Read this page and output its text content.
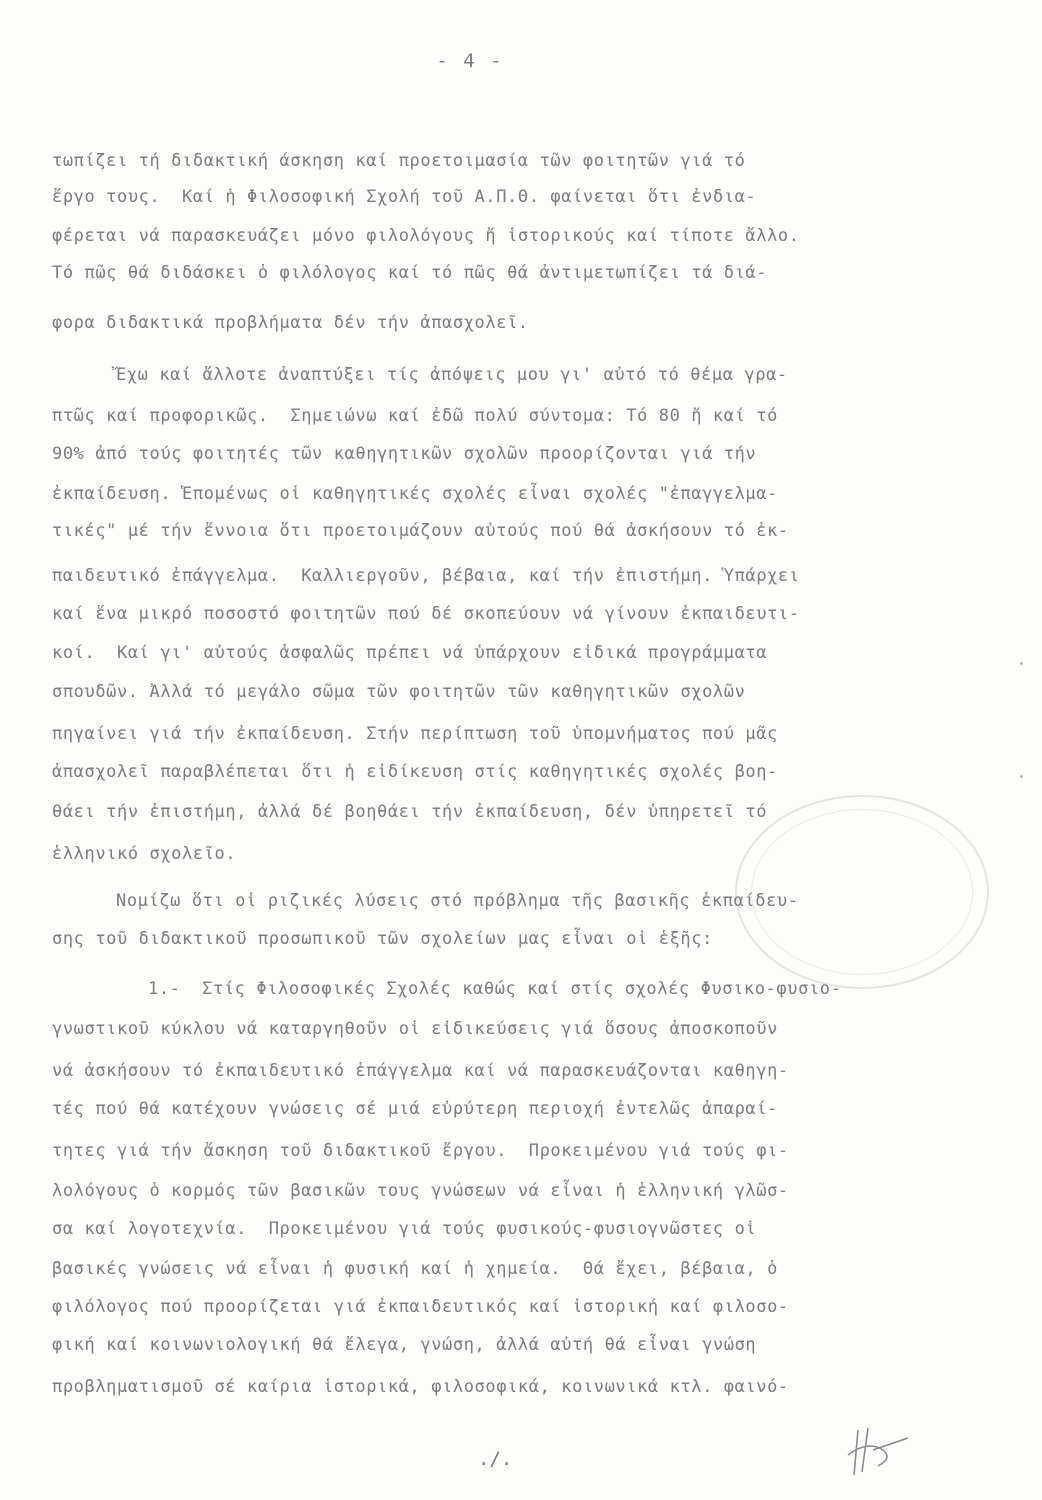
- 4 -
τωπίζει τή διδακτική άσκηση καί προετοιμασία τῶν φοιτητῶν γιά τό
ἔργο τους.  Καί ἡ Φιλοσοφική Σχολή τοῦ Α.Π.Θ. φαίνεται ὅτι ἐνδια-
φέρεται νά παρασκευάζει μόνο φιλολόγους ἤ ἱστορικούς καί τίποτε ἄλλο.
Τό πῶς θά διδάσκει ὁ φιλόλογος καί τό πῶς θά ἀντιμετωπίζει τά διά-
φορα διδακτικά προβλήματα δέν τήν ἀπασχολεῖ.
Ἔχω καί ἄλλοτε ἀναπτύξει τίς ἀπόψεις μου γι' αὐτό τό θέμα γρα-
πτῶς καί προφορικῶς.  Σημειώνω καί ἐδῶ πολύ σύντομα: Τό 80 ἤ καί τό
90% ἀπό τούς φοιτητές τῶν καθηγητικῶν σχολῶν προορίζονται γιά τήν
ἐκπαίδευση. Ἑπομένως οἱ καθηγητικές σχολές εἶναι σχολές "ἐπαγγελμα-
τικές" μέ τήν ἔννοια ὅτι προετοιμάζουν αὐτούς πού θά ἀσκήσουν τό ἐκ-
παιδευτικό ἐπάγγελμα.  Καλλιεργοῦν, βέβαια, καί τήν ἐπιστήμη. Ὑπάρχει
καί ἕνα μικρό ποσοστό φοιτητῶν πού δέ σκοπεύουν νά γίνουν ἐκπαιδευτι-
κοί.  Καί γι' αὐτούς ἀσφαλῶς πρέπει νά ὑπάρχουν εἰδικά προγράμματα
σπουδῶν. Ἀλλά τό μεγάλο σῶμα τῶν φοιτητῶν τῶν καθηγητικῶν σχολῶν
πηγαίνει γιά τήν ἐκπαίδευση. Στήν περίπτωση τοῦ ὑπομνήματος πού μᾶς
ἀπασχολεῖ παραβλέπεται ὅτι ἡ εἰδίκευση στίς καθηγητικές σχολές βοη-
θάει τήν ἐπιστήμη, ἀλλά δέ βοηθάει τήν ἐκπαίδευση, δέν ὑπηρετεῖ τό
ἑλληνικό σχολεῖο.
Νομίζω ὅτι οἱ ριζικές λύσεις στό πρόβλημα τῆς βασικῆς ἐκπαίδευ-
σης τοῦ διδακτικοῦ προσωπικοῦ τῶν σχολείων μας εἶναι οἱ ἑξῆς:
1.-  Στίς Φιλοσοφικές Σχολές καθώς καί στίς σχολές Φυσικο-φυσιο-
γνωστικοῦ κύκλου νά καταργηθοῦν οἱ εἰδικεύσεις γιά ὅσους ἀποσκοποῦν
νά ἀσκήσουν τό ἐκπαιδευτικό ἐπάγγελμα καί νά παρασκευάζονται καθηγη-
τές πού θά κατέχουν γνώσεις σέ μιά εὐρύτερη περιοχή ἐντελῶς ἀπαραί-
τητες γιά τήν ἄσκηση τοῦ διδακτικοῦ ἔργου.  Προκειμένου γιά τούς φι-
λολόγους ὁ κορμός τῶν βασικῶν τους γνώσεων νά εἶναι ἡ ἑλληνική γλῶσ-
σα καί λογοτεχνία.  Προκειμένου γιά τούς φυσικούς-φυσιογνῶστες οἱ
βασικές γνώσεις νά εἶναι ἡ φυσική καί ἡ χημεία.  Θά ἔχει, βέβαια, ὁ
φιλόλογος πού προορίζεται γιά ἐκπαιδευτικός καί ἱστορική καί φιλοσο-
φική καί κοινωνιολογική θά ἔλεγα, γνώση, ἀλλά αὐτή θά εἶναι γνώση
προβληματισμοῦ σέ καίρια ἱστορικά, φιλοσοφικά, κοινωνικά κτλ. φαινό-
./.
